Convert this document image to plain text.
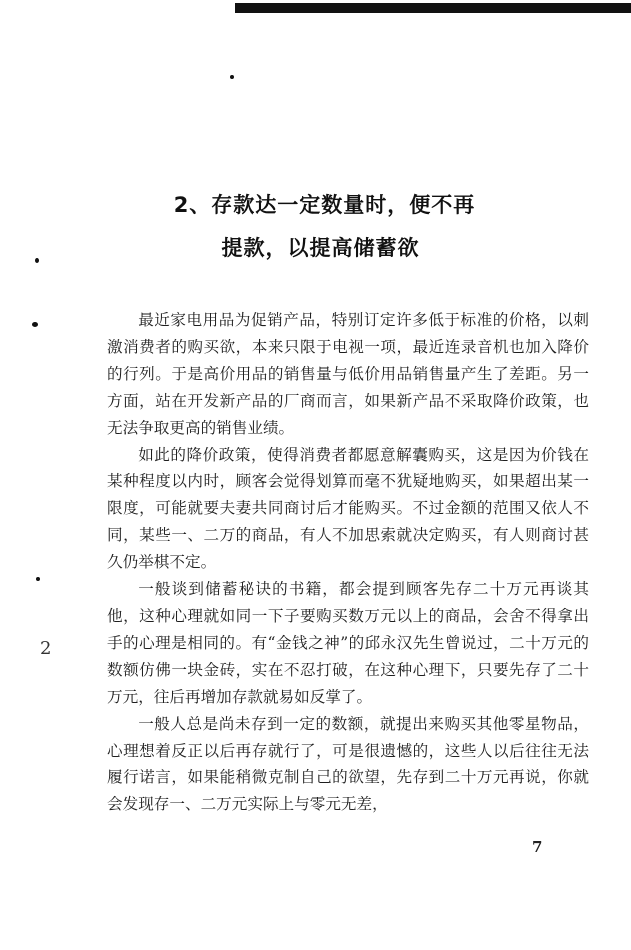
2、存款达一定数量时，便不再
提款，以提高储蓄欲

最近家电用品为促销产品，特别订定许多低于标准的价格，以刺激消费者的购买欲，本来只限于电视一项，最近连录音机也加入降价的行列。于是高价用品的销售量与低价用品销售量产生了差距。另一方面，站在开发新产品的厂商而言，如果新产品不采取降价政策，也无法争取更高的销售业绩。

如此的降价政策，使得消费者都愿意解囊购买，这是因为价钱在某种程度以内时，顾客会觉得划算而毫不犹疑地购买，如果超出某一限度，可能就要夫妻共同商讨后才能购买。不过金额的范围又依人不同，某些一、二万的商品，有人不加思索就决定购买，有人则商讨甚久仍举棋不定。

一般谈到储蓄秘诀的书籍，都会提到顾客先存二十万元再谈其他，这种心理就如同一下子要购买数万元以上的商品，会舍不得拿出手的心理是相同的。有“金钱之神”的邱永汉先生曾说过，二十万元的数额仿佛一块金砖，实在不忍打破，在这种心理下，只要先存了二十万元，往后再增加存款就易如反掌了。

一般人总是尚未存到一定的数额，就提出来购买其他零星物品，心理想着反正以后再存就行了，可是很遗憾的，这些人以后往往无法履行诺言，如果能稍微克制自己的欲望，先存到二十万元再说，你就会发现存一、二万元实际上与零元无差，

7
2
